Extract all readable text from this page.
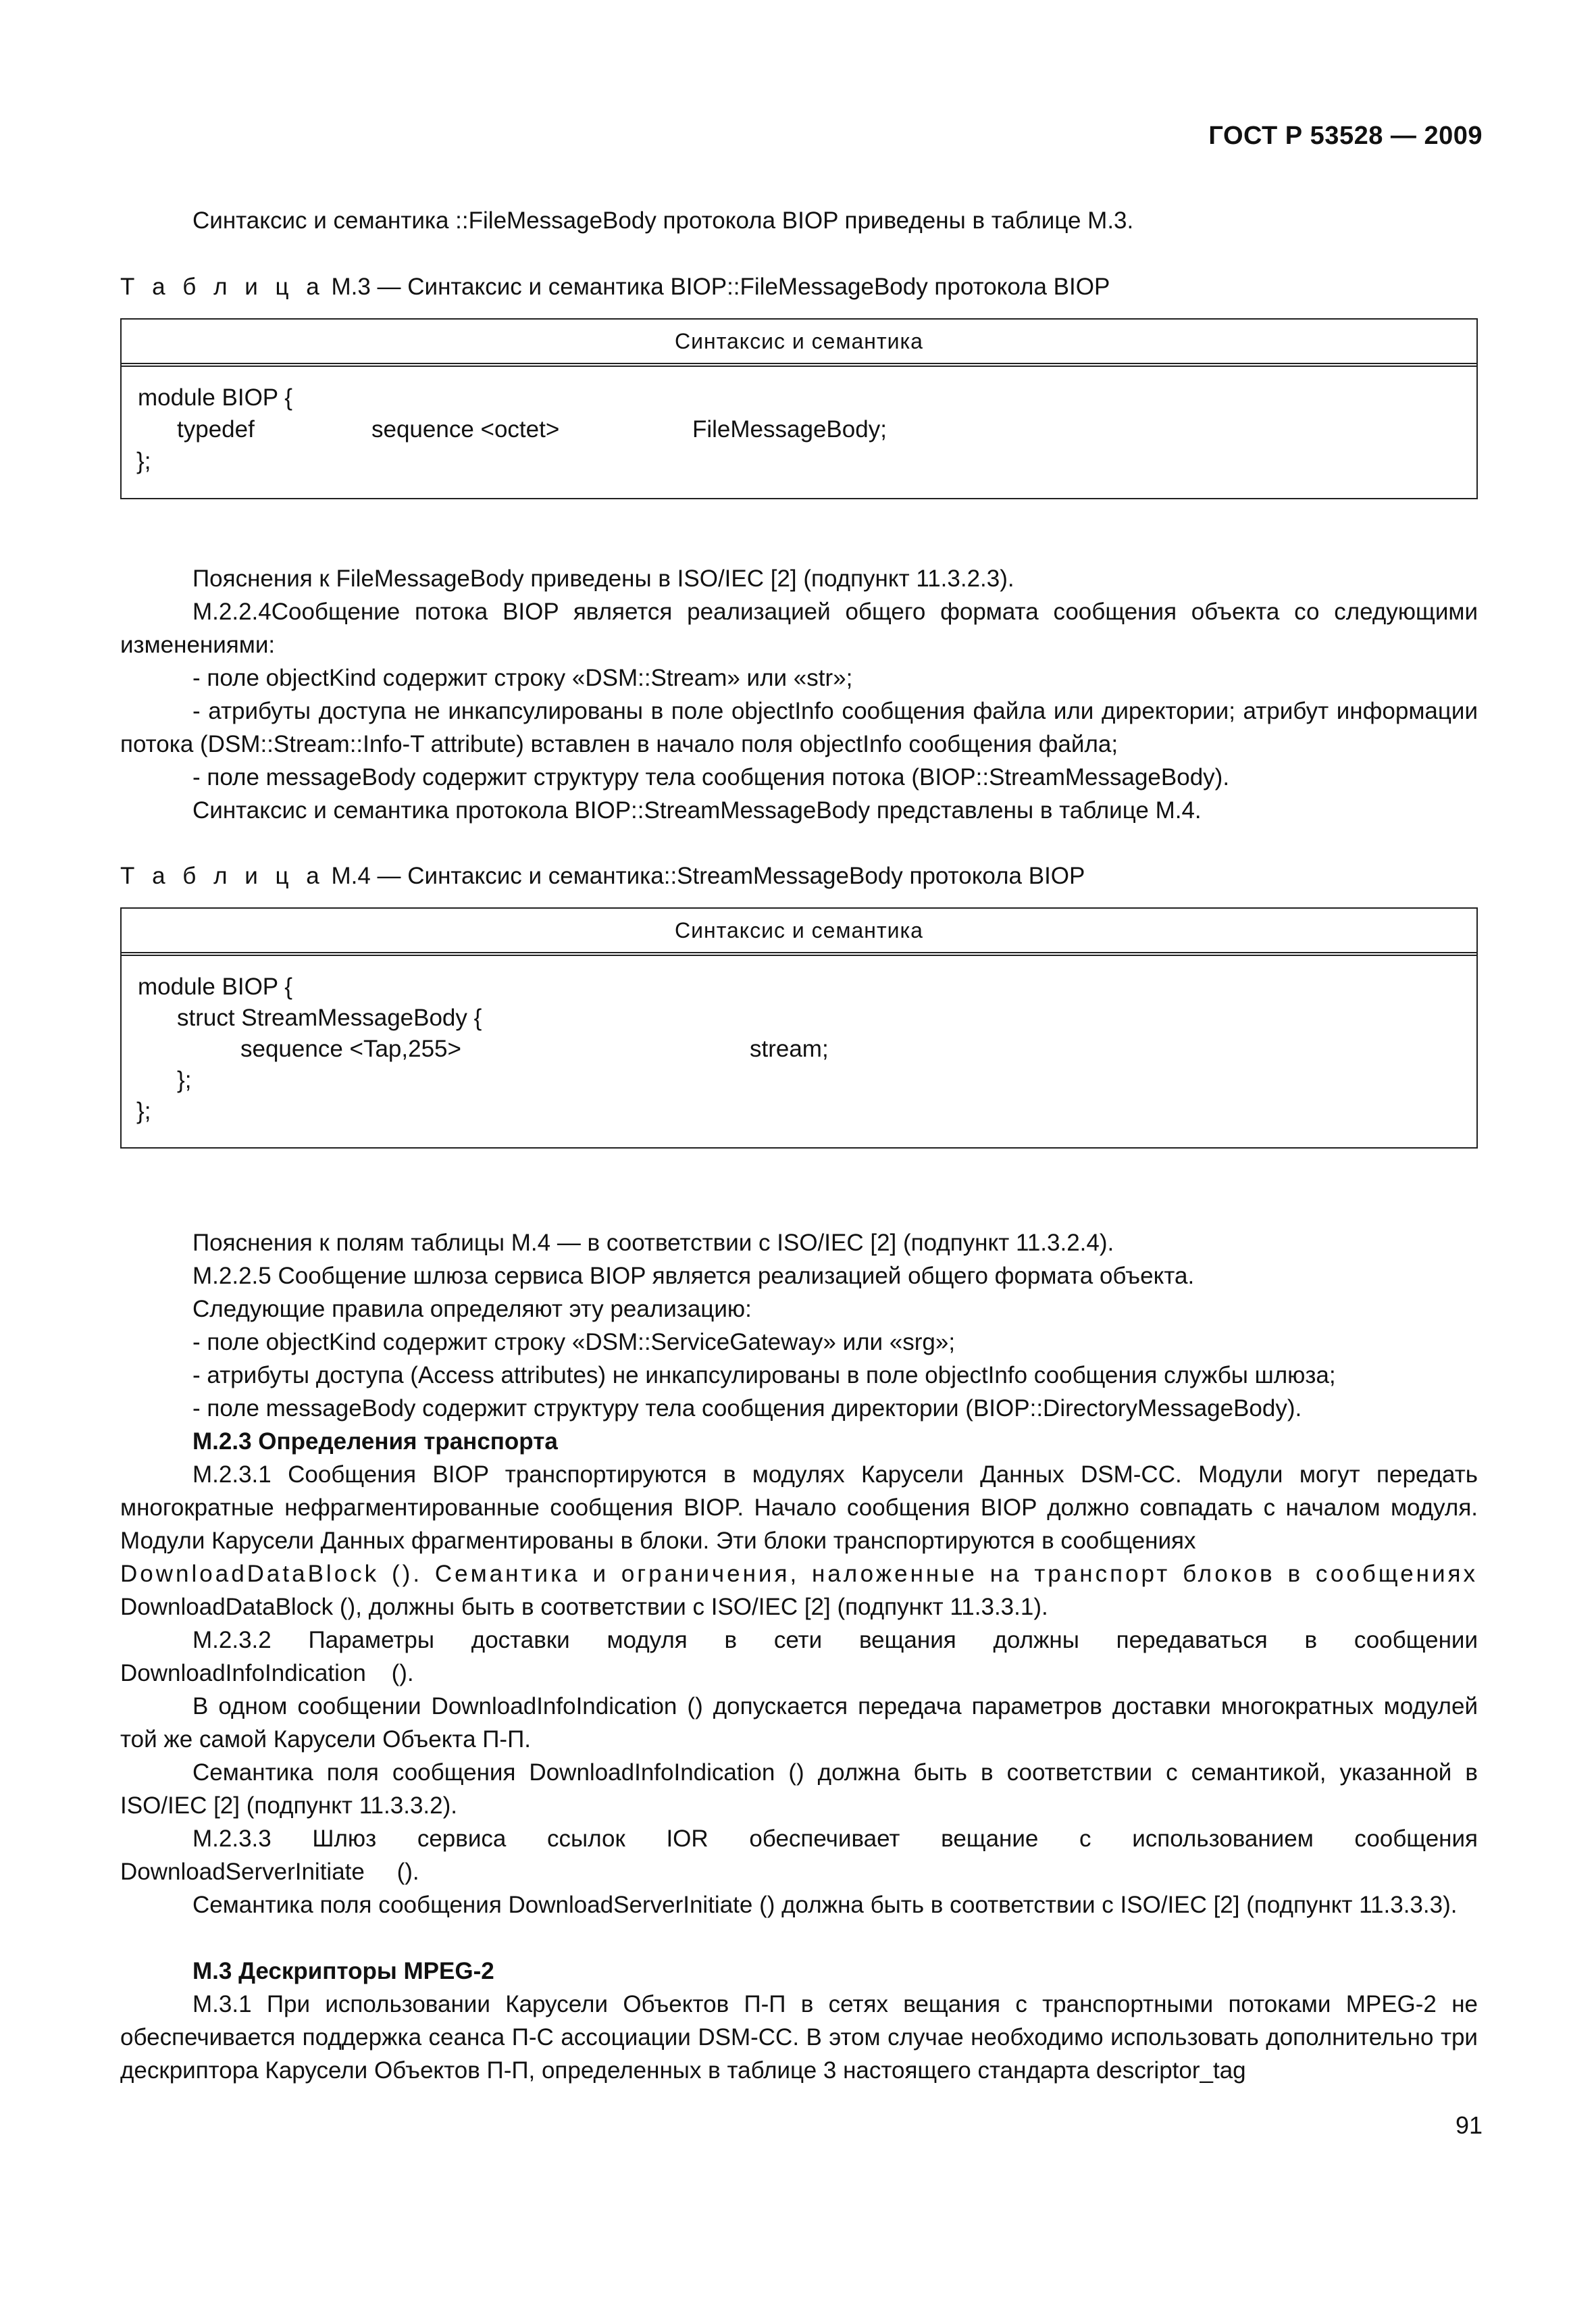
ГОСТ Р 53528 — 2009

Синтаксис и семантика ::FileMessageBody протокола BIOP приведены в таблице М.3.

Т а б л и ц а М.3 — Синтаксис и семантика BIOP::FileMessageBody протокола BIOP
Синтаксис и семантика
module BIOP {
typedef	sequence <octet>	FileMessageBody;
};

Пояснения к FileMessageBody приведены в ISO/IEC [2] (подпункт 11.3.2.3).

М.2.2.4Сообщение потока BIOP является реализацией общего формата сообщения объекта со следующими изменениями:

- поле objectKind содержит строку «DSM::Stream» или «str»;

- атрибуты доступа не инкапсулированы в поле objectInfo сообщения файла или директории; атрибут информации потока (DSM::Stream::Info-T attribute) вставлен в начало поля objectInfo сообщения файла;

- поле messageBody содержит структуру тела сообщения потока (BIOP::StreamMessageBody).

Синтаксис и семантика протокола BIOP::StreamMessageBody представлены в таблице М.4.

Т а б л и ц а М.4 — Синтаксис и семантика::StreamMessageBody протокола BIOP
Синтаксис и семантика
module BIOP {
struct StreamMessageBody {
sequence <Tap,255>	stream;
};
};

Пояснения к полям таблицы М.4 — в соответствии с ISO/IEC [2] (подпункт 11.3.2.4).

М.2.2.5 Сообщение шлюза сервиса BIOP является реализацией общего формата объекта.

Следующие правила определяют эту реализацию:

- поле objectKind содержит строку «DSM::ServiceGateway» или «srg»;

- атрибуты доступа (Access attributes) не инкапсулированы в поле objectInfo сообщения службы шлюза;

- поле messageBody содержит структуру тела сообщения директории (BIOP::DirectoryMessageBody).

М.2.3 Определения транспорта

М.2.3.1 Сообщения BIOP транспортируются в модулях Карусели Данных DSM-CC. Модули могут передать многократные нефрагментированные сообщения BIOP. Начало сообщения BIOP должно совпадать с началом модуля. Модули Карусели Данных фрагментированы в блоки. Эти блоки транспортируются в сообщениях

DownloadDataBlock (). Семантика и ограничения, наложенные на транспорт блоков в сообщениях

DownloadDataBlock (), должны быть в соответствии с ISO/IEC [2] (подпункт 11.3.3.1).

М.2.3.2 Параметры доставки модуля в сети вещания должны передаваться в сообщении DownloadInfoIndication ().

В одном сообщении DownloadInfoIndication () допускается передача параметров доставки многократных модулей той же самой Карусели Объекта П-П.

Семантика поля сообщения DownloadInfoIndication () должна быть в соответствии с семантикой, указанной в ISO/IEC [2] (подпункт 11.3.3.2).

М.2.3.3 Шлюз сервиса ссылок IOR обеспечивает вещание с использованием сообщения DownloadServerInitiate ().

Семантика поля сообщения DownloadServerInitiate () должна быть в соответствии с ISO/IEC [2] (подпункт 11.3.3.3).

М.3 Дескрипторы MPEG-2

М.3.1 При использовании Карусели Объектов П-П в сетях вещания с транспортными потоками MPEG-2 не обеспечивается поддержка сеанса П-С ассоциации DSM-CC. В этом случае необходимо использовать дополнительно три дескриптора Карусели Объектов П-П, определенных в таблице 3 настоящего стандарта descriptor_tag

91
